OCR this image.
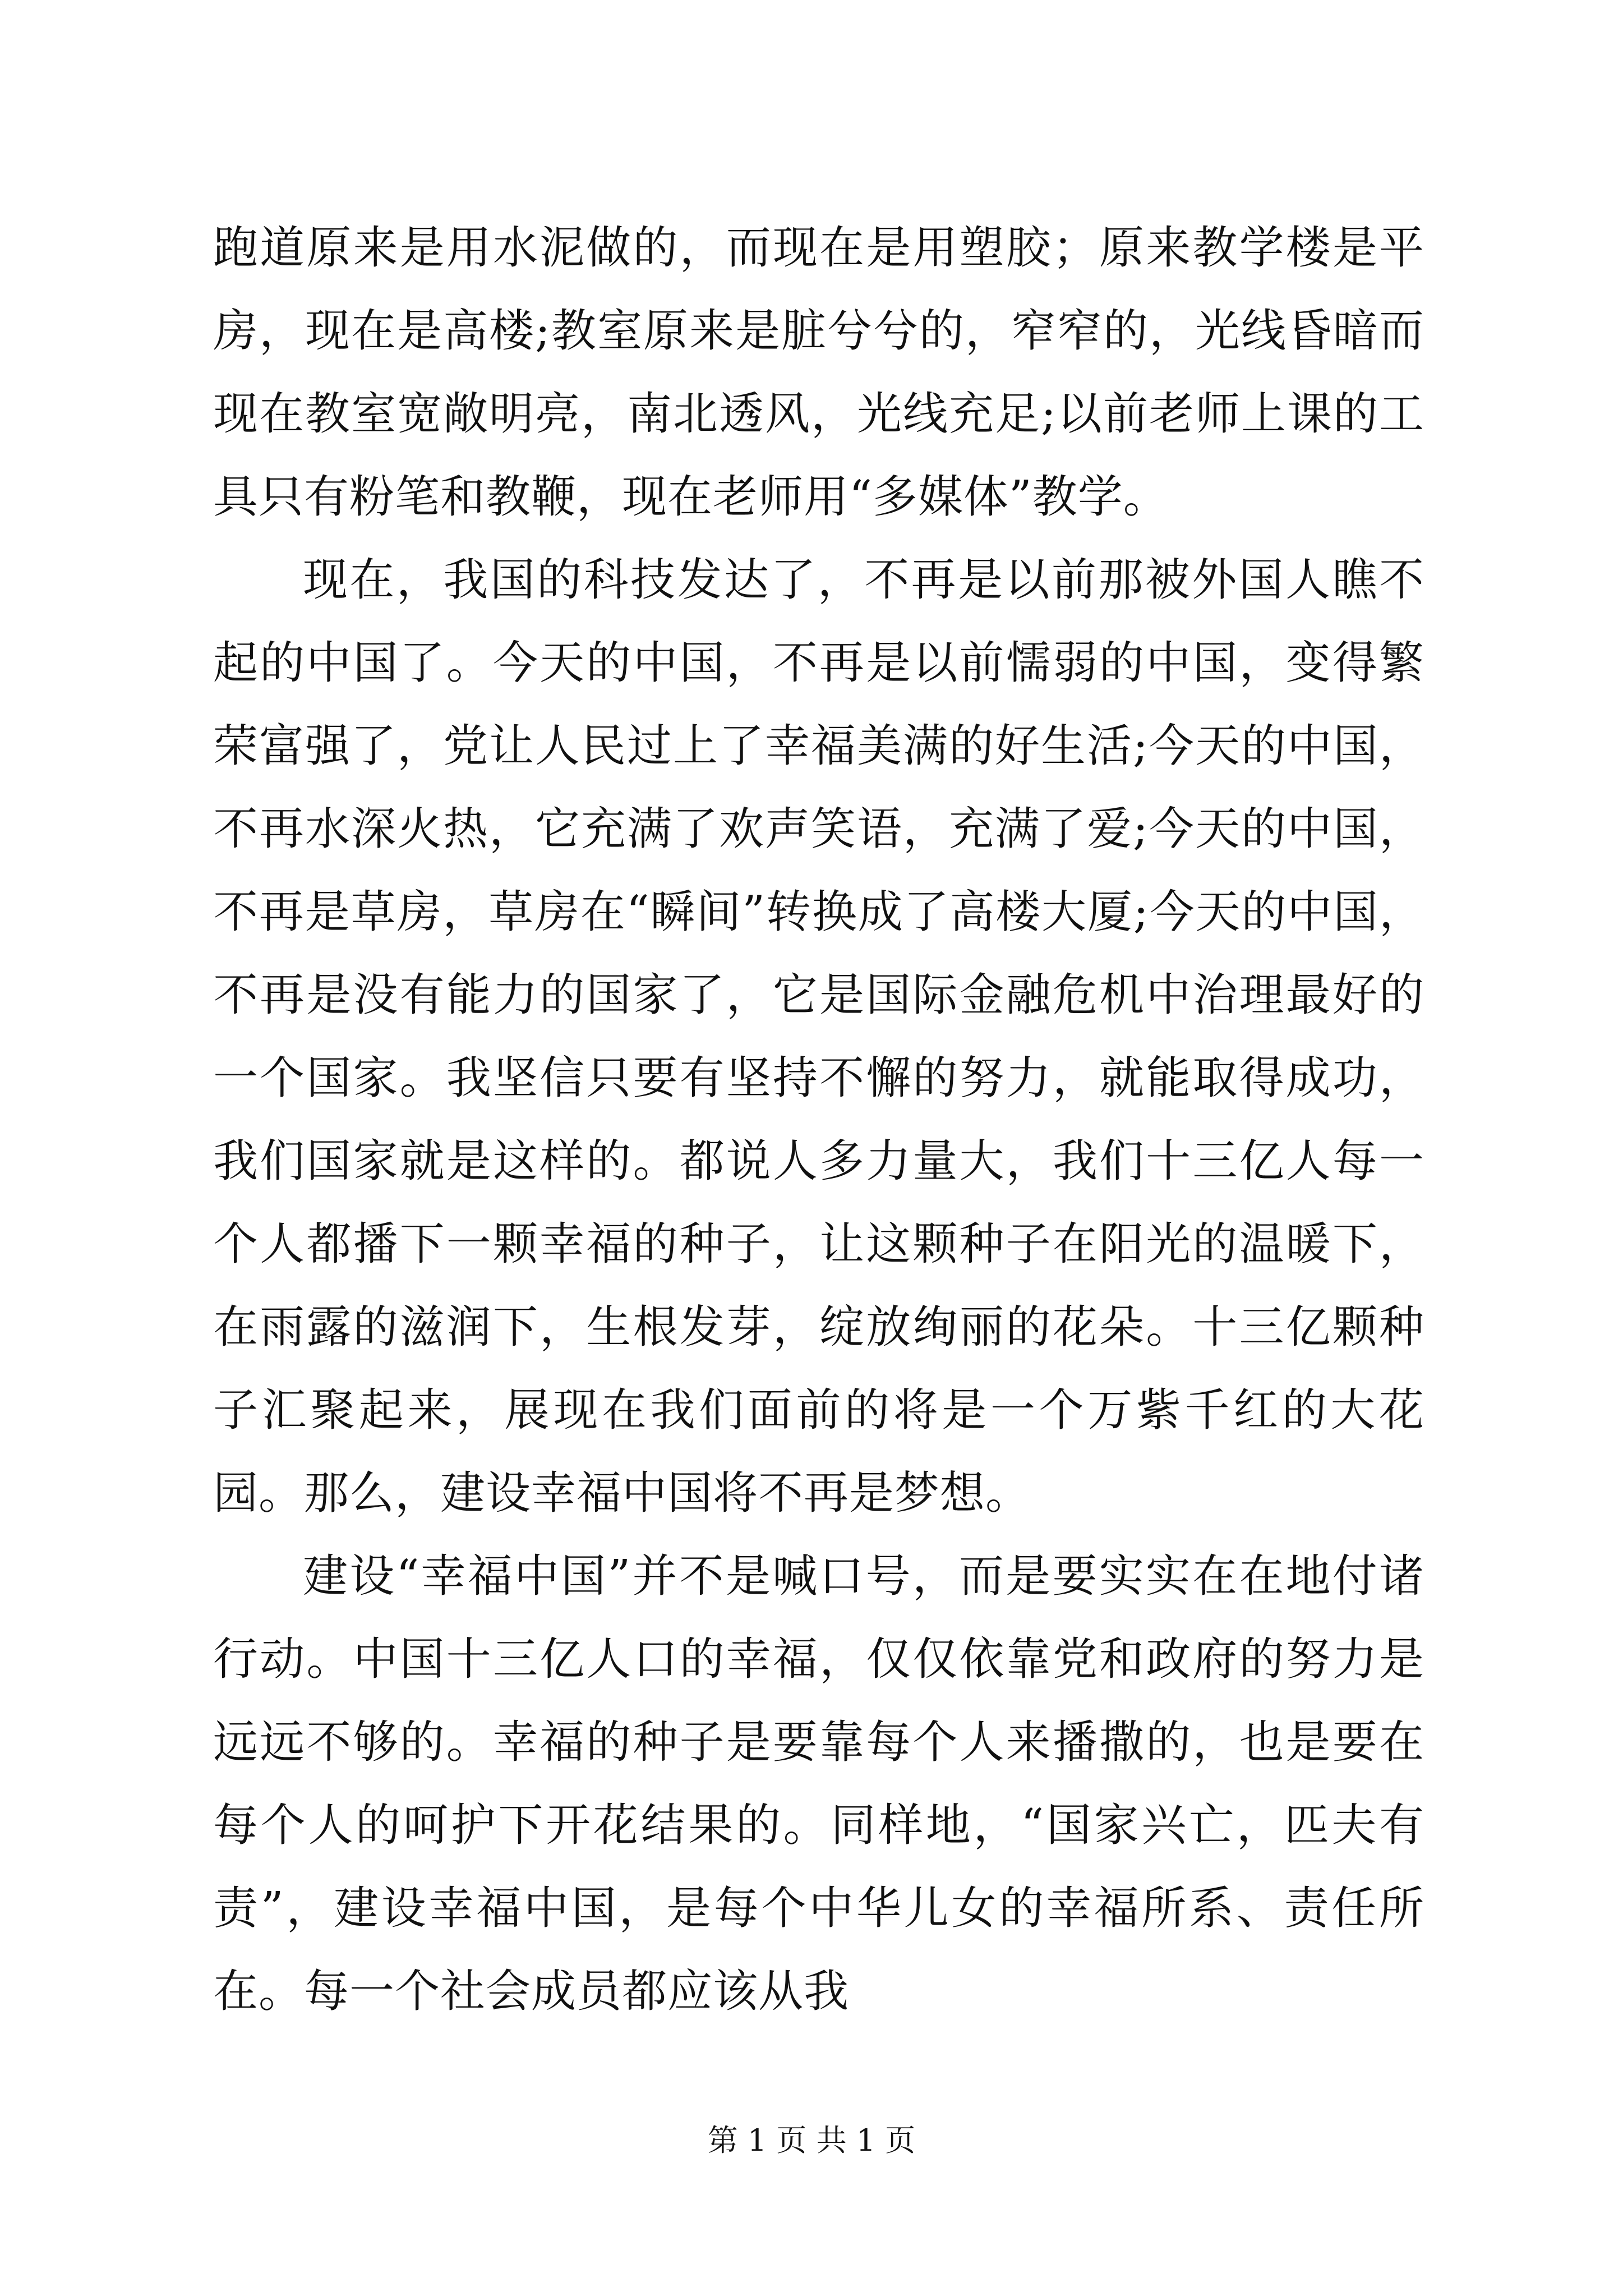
跑道原来是用水泥做的，而现在是用塑胶；原来教学楼是平房，现在是高楼;教室原来是脏兮兮的，窄窄的，光线昏暗而现在教室宽敞明亮，南北透风，光线充足;以前老师上课的工具只有粉笔和教鞭，现在老师用“多媒体”教学。

现在，我国的科技发达了，不再是以前那被外国人瞧不起的中国了。今天的中国，不再是以前懦弱的中国，变得繁荣富强了，党让人民过上了幸福美满的好生活;今天的中国，不再水深火热，它充满了欢声笑语，充满了爱;今天的中国，不再是草房，草房在“瞬间”转换成了高楼大厦;今天的中国，不再是没有能力的国家了，它是国际金融危机中治理最好的一个国家。我坚信只要有坚持不懈的努力，就能取得成功，我们国家就是这样的。都说人多力量大，我们十三亿人每一个人都播下一颗幸福的种子，让这颗种子在阳光的温暖下，在雨露的滋润下，生根发芽，绽放绚丽的花朵。十三亿颗种子汇聚起来，展现在我们面前的将是一个万紫千红的大花园。那么，建设幸福中国将不再是梦想。

建设“幸福中国”并不是喊口号，而是要实实在在地付诸行动。中国十三亿人口的幸福，仅仅依靠党和政府的努力是远远不够的。幸福的种子是要靠每个人来播撒的，也是要在每个人的呵护下开花结果的。同样地，“国家兴亡，匹夫有责”，建设幸福中国，是每个中华儿女的幸福所系、责任所在。每一个社会成员都应该从我

第 1 页 共 1 页
